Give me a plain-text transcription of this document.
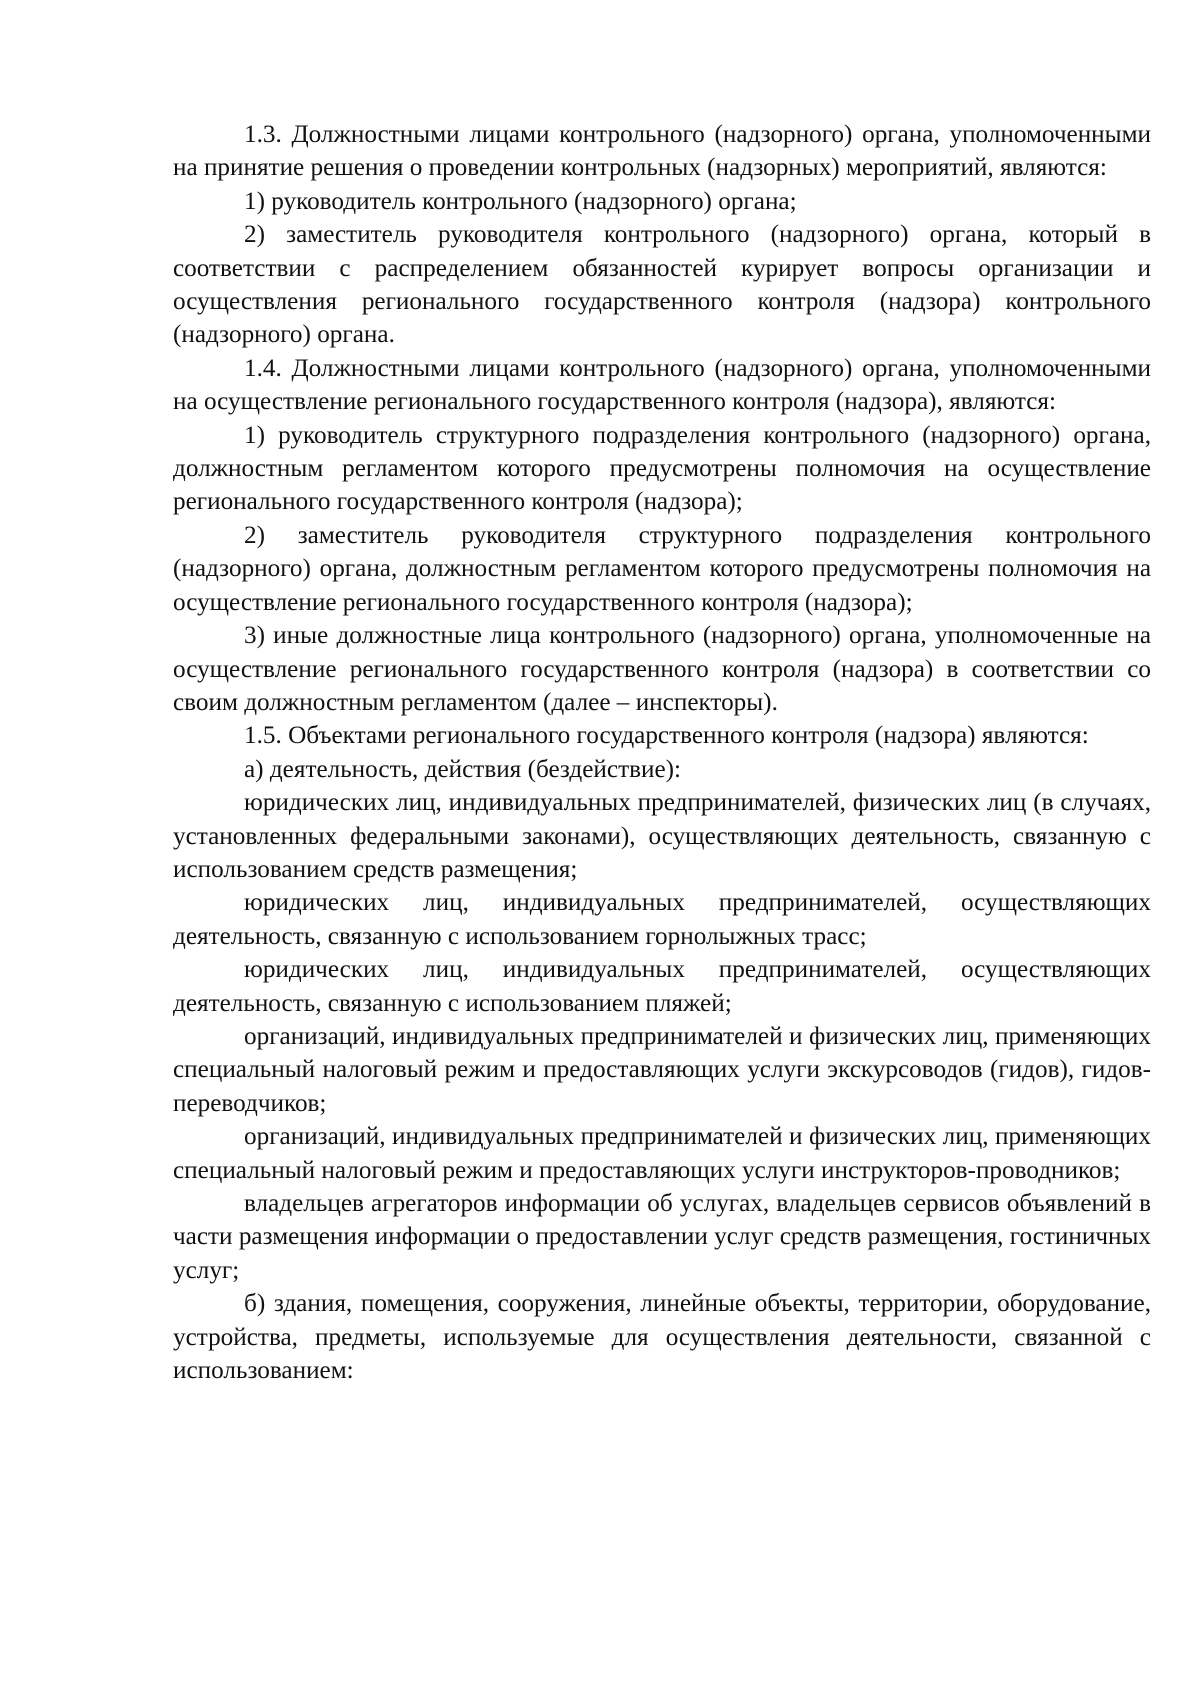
1.3. Должностными лицами контрольного (надзорного) органа, уполномоченными на принятие решения о проведении контрольных (надзорных) мероприятий, являются:

1) руководитель контрольного (надзорного) органа;

2) заместитель руководителя контрольного (надзорного) органа, который в соответствии с распределением обязанностей курирует вопросы организации и осуществления регионального государственного контроля (надзора) контрольного (надзорного) органа.

1.4. Должностными лицами контрольного (надзорного) органа, уполномоченными на осуществление регионального государственного контроля (надзора), являются:

1) руководитель структурного подразделения контрольного (надзорного) органа, должностным регламентом которого предусмотрены полномочия на осуществление регионального государственного контроля (надзора);

2) заместитель руководителя структурного подразделения контрольного (надзорного) органа, должностным регламентом которого предусмотрены полномочия на осуществление регионального государственного контроля (надзора);

3) иные должностные лица контрольного (надзорного) органа, уполномоченные на осуществление регионального государственного контроля (надзора) в соответствии со своим должностным регламентом (далее – инспекторы).

1.5. Объектами регионального государственного контроля (надзора) являются:

а) деятельность, действия (бездействие):

юридических лиц, индивидуальных предпринимателей, физических лиц (в случаях, установленных федеральными законами), осуществляющих деятельность, связанную с использованием средств размещения;

юридических лиц, индивидуальных предпринимателей, осуществляющих деятельность, связанную с использованием горнолыжных трасс;

юридических лиц, индивидуальных предпринимателей, осуществляющих деятельность, связанную с использованием пляжей;

организаций, индивидуальных предпринимателей и физических лиц, применяющих специальный налоговый режим и предоставляющих услуги экскурсоводов (гидов), гидов-переводчиков;

организаций, индивидуальных предпринимателей и физических лиц, применяющих специальный налоговый режим и предоставляющих услуги инструкторов-проводников;

владельцев агрегаторов информации об услугах, владельцев сервисов объявлений в части размещения информации о предоставлении услуг средств размещения, гостиничных услуг;

б) здания, помещения, сооружения, линейные объекты, территории, оборудование, устройства, предметы, используемые для осуществления деятельности, связанной с использованием:
